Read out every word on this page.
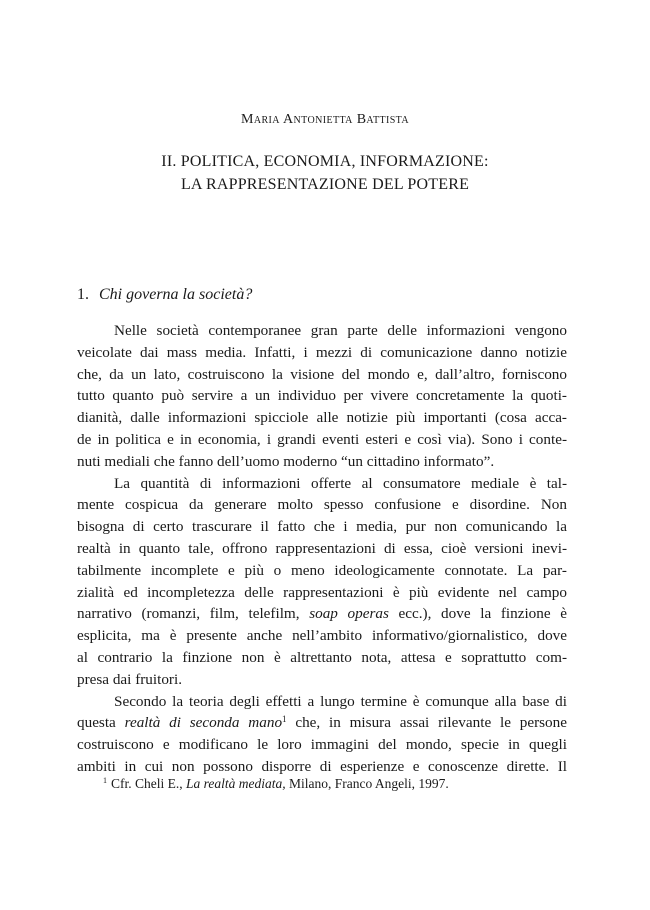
Maria Antonietta Battista
II. POLITICA, ECONOMIA, INFORMAZIONE:
LA RAPPRESENTAZIONE DEL POTERE
1. Chi governa la società?
Nelle società contemporanee gran parte delle informazioni vengono
veicolate dai mass media. Infatti, i mezzi di comunicazione danno notizie
che, da un lato, costruiscono la visione del mondo e, dall’altro, forniscono
tutto quanto può servire a un individuo per vivere concretamente la quoti-
dianità, dalle informazioni spicciole alle notizie più importanti (cosa acca-
de in politica e in economia, i grandi eventi esteri e così via). Sono i conte-
nuti mediali che fanno dell’uomo moderno “un cittadino informato”.
La quantità di informazioni offerte al consumatore mediale è tal-
mente cospicua da generare molto spesso confusione e disordine. Non
bisogna di certo trascurare il fatto che i media, pur non comunicando la
realtà in quanto tale, offrono rappresentazioni di essa, cioè versioni inevi-
tabilmente incomplete e più o meno ideologicamente connotate. La par-
zialità ed incompletezza delle rappresentazioni è più evidente nel campo
narrativo (romanzi, film, telefilm, soap operas ecc.), dove la finzione è
esplicita, ma è presente anche nell’ambito informativo/giornalistico, dove
al contrario la finzione non è altrettanto nota, attesa e soprattutto com-
presa dai fruitori.
Secondo la teoria degli effetti a lungo termine è comunque alla base di
questa realtà di seconda mano$^1$ che, in misura assai rilevante le persone
costruiscono e modificano le loro immagini del mondo, specie in quegli
ambiti in cui non possono disporre di esperienze e conoscenze dirette. Il
$^1$ Cfr. Cheli E., La realtà mediata, Milano, Franco Angeli, 1997.
